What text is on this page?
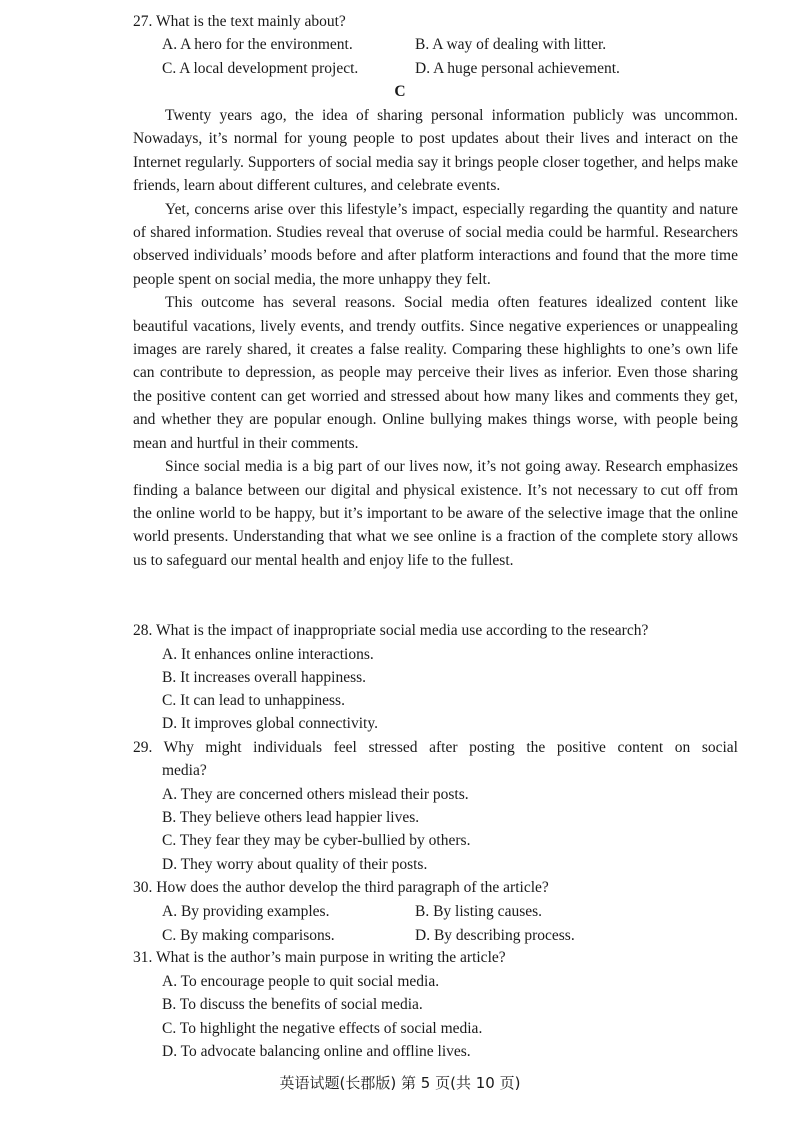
27. What is the text mainly about?
A. A hero for the environment.	B. A way of dealing with litter.
C. A local development project.	D. A huge personal achievement.
C

Twenty years ago, the idea of sharing personal information publicly was uncommon. Nowadays, it’s normal for young people to post updates about their lives and interact on the Internet regularly. Supporters of social media say it brings people closer together, and helps make friends, learn about different cultures, and celebrate events.

Yet, concerns arise over this lifestyle’s impact, especially regarding the quantity and nature of shared information. Studies reveal that overuse of social media could be harmful. Researchers observed individuals’ moods before and after platform interactions and found that the more time people spent on social media, the more unhappy they felt.

This outcome has several reasons. Social media often features idealized content like beautiful vacations, lively events, and trendy outfits. Since negative experiences or unappealing images are rarely shared, it creates a false reality. Comparing these highlights to one’s own life can contribute to depression, as people may perceive their lives as inferior. Even those sharing the positive content can get worried and stressed about how many likes and comments they get, and whether they are popular enough. Online bullying makes things worse, with people being mean and hurtful in their comments.

Since social media is a big part of our lives now, it’s not going away. Research emphasizes finding a balance between our digital and physical existence. It’s not necessary to cut off from the online world to be happy, but it’s important to be aware of the selective image that the online world presents. Understanding that what we see online is a fraction of the complete story allows us to safeguard our mental health and enjoy life to the fullest.

28. What is the impact of inappropriate social media use according to the research?
A. It enhances online interactions.
B. It increases overall happiness.
C. It can lead to unhappiness.
D. It improves global connectivity.
29. Why might individuals feel stressed after posting the positive content on social
media?
A. They are concerned others mislead their posts.
B. They believe others lead happier lives.
C. They fear they may be cyber-bullied by others.
D. They worry about quality of their posts.
30. How does the author develop the third paragraph of the article?
A. By providing examples.	B. By listing causes.
C. By making comparisons.	D. By describing process.
31. What is the author’s main purpose in writing the article?
A. To encourage people to quit social media.
B. To discuss the benefits of social media.
C. To highlight the negative effects of social media.
D. To advocate balancing online and offline lives.
英语试题(长郡版) 第 5 页(共 10 页)
